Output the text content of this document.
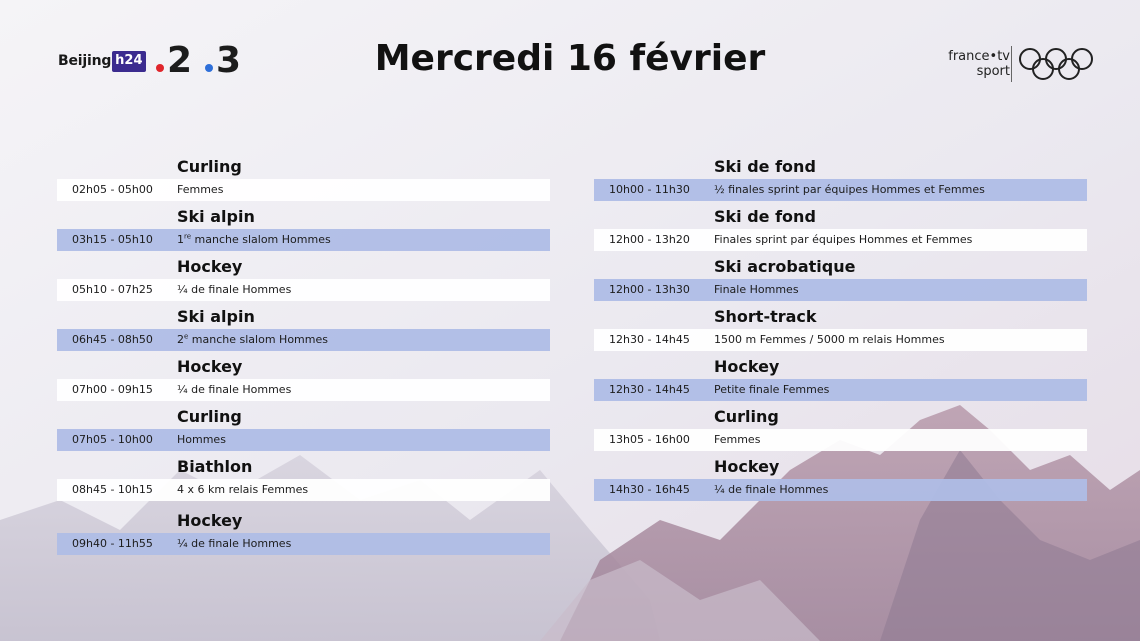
Beijing h24 2 3	Mercredi 16 février	france•tv
sport
Curling
02h05 - 05h00	Femmes
Ski alpin
03h15 - 05h10	1re manche slalom Hommes
Hockey
05h10 - 07h25	¼ de finale Hommes
Ski alpin
06h45 - 08h50	2e manche slalom Hommes
Hockey
07h00 - 09h15	¼ de finale Hommes
Curling
07h05 - 10h00	Hommes
Biathlon
08h45 - 10h15	4 x 6 km relais Femmes
Hockey
09h40 - 11h55	¼ de finale Hommes
Ski de fond
10h00 - 11h30	½ finales sprint par équipes Hommes et Femmes
Ski de fond
12h00 - 13h20	Finales sprint par équipes Hommes et Femmes
Ski acrobatique
12h00 - 13h30	Finale Hommes
Short-track
12h30 - 14h45	1500 m Femmes / 5000 m relais Hommes
Hockey
12h30 - 14h45	Petite finale Femmes
Curling
13h05 - 16h00	Femmes
Hockey
14h30 - 16h45	¼ de finale Hommes
